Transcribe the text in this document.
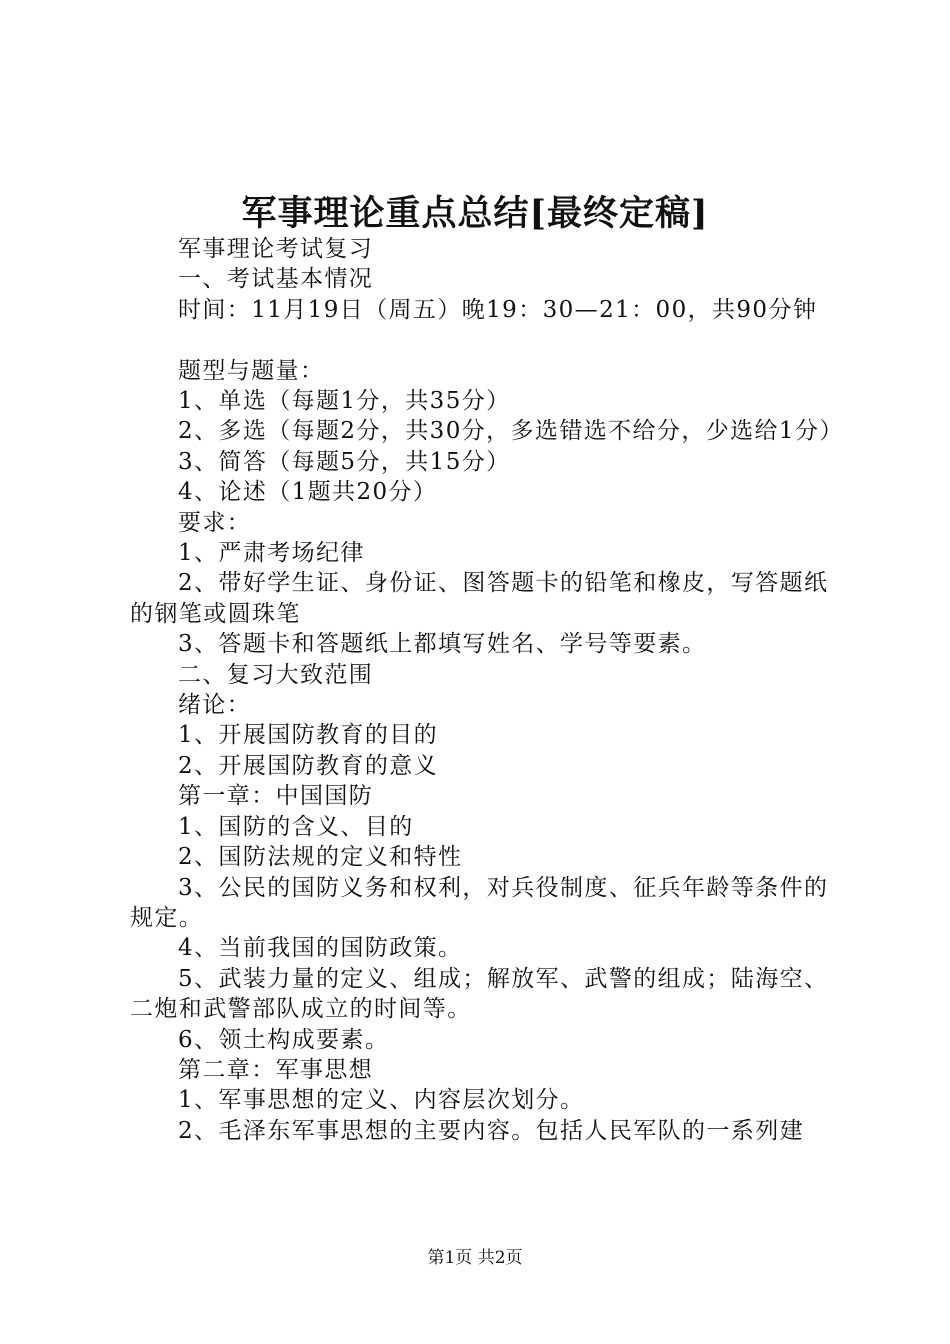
军事理论重点总结[最终定稿]

军事理论考试复习

一、考试基本情况

时间：11月19日（周五）晚19：30—21：00，共90分钟

题型与题量：

1、单选（每题1分，共35分）

2、多选（每题2分，共30分，多选错选不给分，少选给1分）

3、简答（每题5分，共15分）

4、论述（1题共20分）

要求：

1、严肃考场纪律

2、带好学生证、身份证、图答题卡的铅笔和橡皮，写答题纸的钢笔或圆珠笔

3、答题卡和答题纸上都填写姓名、学号等要素。

二、复习大致范围

绪论：

1、开展国防教育的目的

2、开展国防教育的意义

第一章：中国国防

1、国防的含义、目的

2、国防法规的定义和特性

3、公民的国防义务和权利，对兵役制度、征兵年龄等条件的规定。

4、当前我国的国防政策。

5、武装力量的定义、组成；解放军、武警的组成；陆海空、二炮和武警部队成立的时间等。

6、领土构成要素。

第二章：军事思想

1、军事思想的定义、内容层次划分。

2、毛泽东军事思想的主要内容。包括人民军队的一系列建

第1页 共2页
